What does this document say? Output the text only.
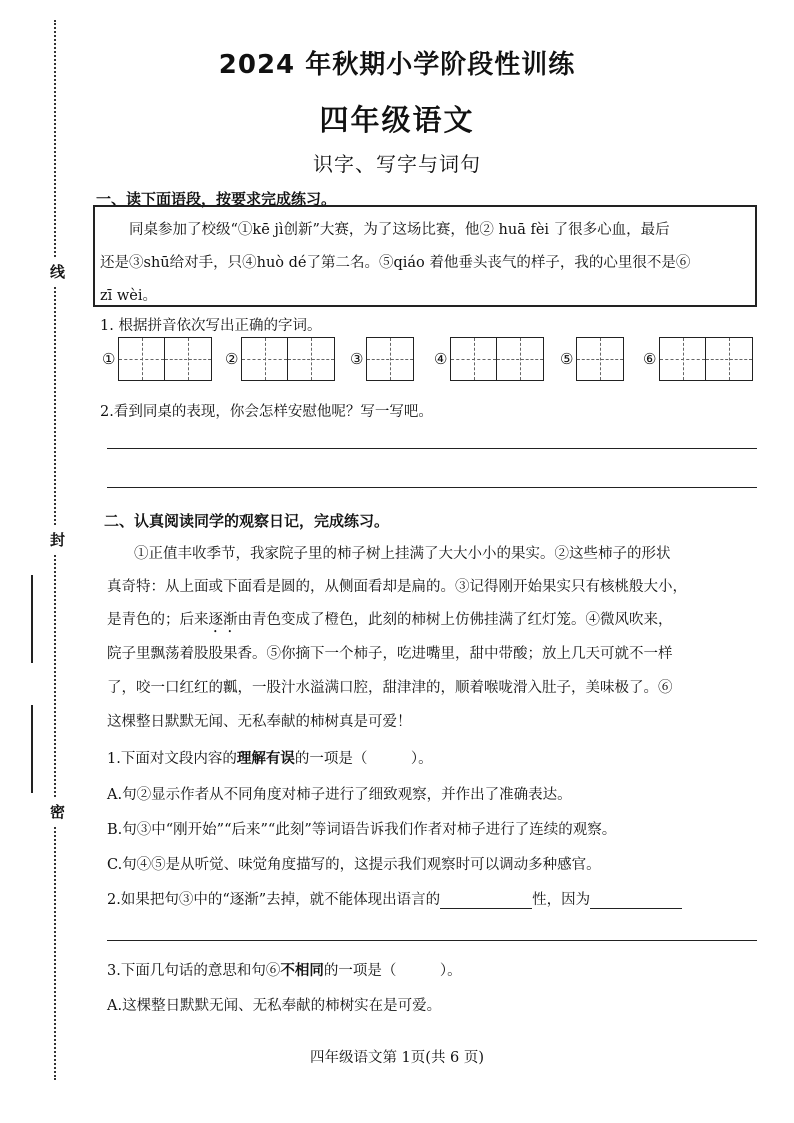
线
封
密
2024 年秋期小学阶段性训练
四年级语文
识字、写字与词句
一、读下面语段，按要求完成练习。
同桌参加了校级“①kē jì创新”大赛，为了这场比赛，他② huā fèi 了很多心血，最后
还是③shū给对手，只④huò dé了第二名。⑤qiáo 着他垂头丧气的样子，我的心里很不是⑥
zī wèi。
1. 根据拼音依次写出正确的字词。
①	②	③	④	⑤	⑥
2.看到同桌的表现，你会怎样安慰他呢？写一写吧。
二、认真阅读同学的观察日记，完成练习。
①正值丰收季节，我家院子里的柿子树上挂满了大大小小的果实。②这些柿子的形状
真奇特：从上面或下面看是圆的，从侧面看却是扁的。③记得刚开始果实只有核桃般大小，
是青色的；后来逐渐由青色变成了橙色，此刻的柿树上仿佛挂满了红灯笼。④微风吹来，
院子里飘荡着股股果香。⑤你摘下一个柿子，吃进嘴里，甜中带酸；放上几天可就不一样
了，咬一口红红的瓤，一股汁水溢满口腔，甜津津的，顺着喉咙滑入肚子，美味极了。⑥
这棵整日默默无闻、无私奉献的柿树真是可爱！
1.下面对文段内容的理解有误的一项是（　　　）。
A.句②显示作者从不同角度对柿子进行了细致观察，并作出了准确表达。
B.句③中“刚开始”“后来”“此刻”等词语告诉我们作者对柿子进行了连续的观察。
C.句④⑤是从听觉、味觉角度描写的，这提示我们观察时可以调动多种感官。
2.如果把句③中的“逐渐”去掉，就不能体现出语言的	性，因为
3.下面几句话的意思和句⑥不相同的一项是（　　　）。
A.这棵整日默默无闻、无私奉献的柿树实在是可爱。
四年级语文第 1页(共 6 页)
